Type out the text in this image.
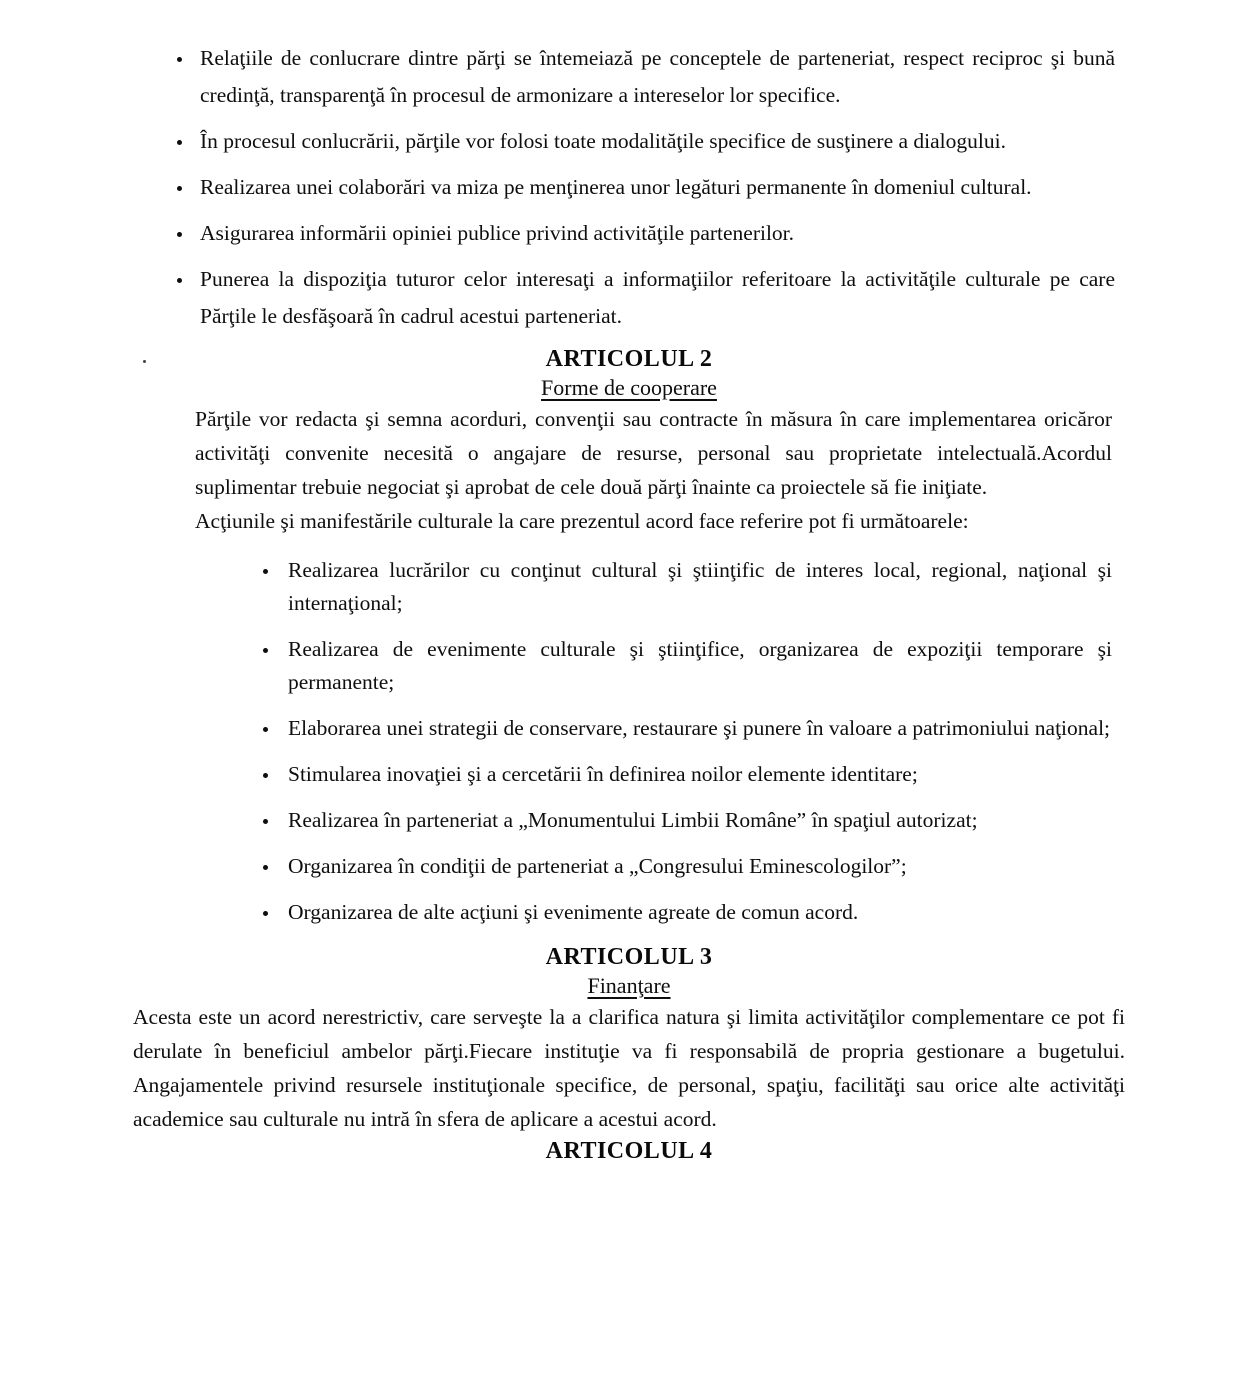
• Relaţiile de conlucrare dintre părţi se întemeiază pe conceptele de parteneriat, respect reciproc şi bună credinţă, transparenţă în procesul de armonizare a intereselor lor specifice.
• În procesul conlucrării, părţile vor folosi toate modalităţile specifice de susţinere a dialogului.
• Realizarea unei colaborări va miza pe menţinerea unor legături permanente în domeniul cultural.
• Asigurarea informării opiniei publice privind activităţile partenerilor.
• Punerea la dispoziţia tuturor celor interesaţi a informaţiilor referitoare la activităţile culturale pe care Părţile le desfăşoară în cadrul acestui parteneriat.
ARTICOLUL 2
Forme de cooperare

Părţile vor redacta şi semna acorduri, convenţii sau contracte în măsura în care implementarea oricăror activităţi convenite necesită o angajare de resurse, personal sau proprietate intelectuală.Acordul suplimentar trebuie negociat şi aprobat de cele două părţi înainte ca proiectele să fie iniţiate.

Acţiunile şi manifestările culturale la care prezentul acord face referire pot fi următoarele:

• Realizarea lucrărilor cu conţinut cultural şi ştiinţific de interes local, regional, naţional şi internaţional;
• Realizarea de evenimente culturale şi ştiinţifice, organizarea de expoziţii temporare şi permanente;
• Elaborarea unei strategii de conservare, restaurare şi punere în valoare a patrimoniului naţional;
• Stimularea inovaţiei şi a cercetării în definirea noilor elemente identitare;
• Realizarea în parteneriat a „Monumentului Limbii Române” în spaţiul autorizat;
• Organizarea în condiţii de parteneriat a „Congresului Eminescologilor”;
• Organizarea de alte acţiuni şi evenimente agreate de comun acord.
ARTICOLUL 3
Finanţare

Acesta este un acord nerestrictiv, care serveşte la a clarifica natura şi limita activităţilor complementare ce pot fi derulate în beneficiul ambelor părţi.Fiecare instituţie va fi responsabilă de propria gestionare a bugetului. Angajamentele privind resursele instituţionale specifice, de personal, spaţiu, facilităţi sau orice alte activităţi academice sau culturale nu intră în sfera de aplicare a acestui acord.

ARTICOLUL 4
